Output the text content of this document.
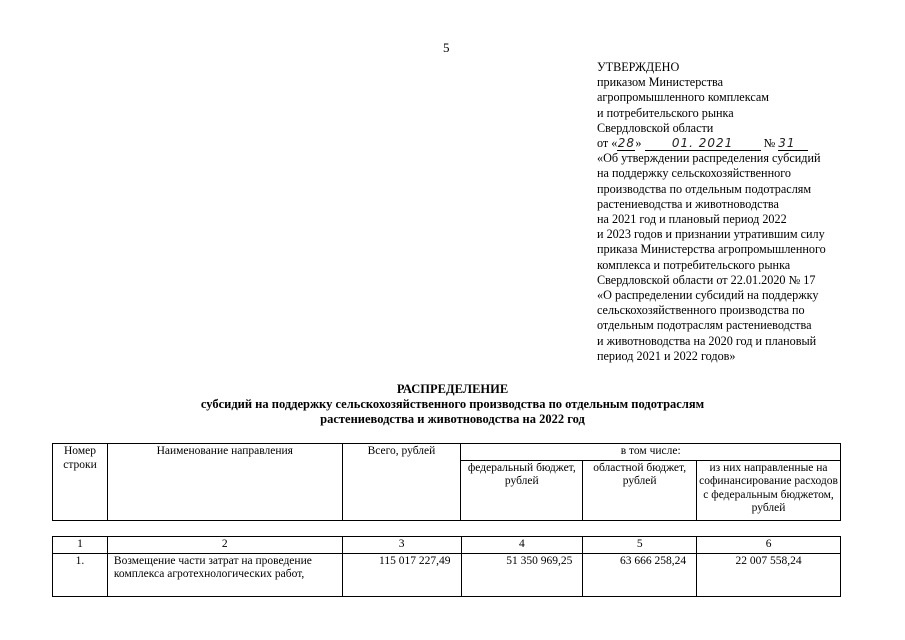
5
УТВЕРЖДЕНО
приказом Министерства
агропромышленного комплексам
и потребительского рынка
Свердловской области
от «28»	01. 2021 № 31
«Об утверждении распределения субсидий
на поддержку сельскохозяйственного
производства по отдельным подотраслям
растениеводства и животноводства
на 2021 год и плановый период 2022
и 2023 годов и признании утратившим силу
приказа Министерства агропромышленного
комплекса и потребительского рынка
Свердловской области от 22.01.2020 № 17
«О распределении субсидий на поддержку
сельскохозяйственного производства по
отдельным подотраслям растениеводства
и животноводства на 2020 год и плановый
период 2021 и 2022 годов»
РАСПРЕДЕЛЕНИЕ
субсидий на поддержку сельскохозяйственного производства по отдельным подотраслям
растениеводства и животноводства на 2022 год
Номер строки	Наименование направления	Всего, рублей	в том числе:		
			федеральный бюджет, рублей	областной бюджет, рублей	из них направленные на софинансирование расходов с федеральным бюджетом, рублей
1	2	3	4	5	6
1.	Возмещение части затрат на проведение комплекса агротехнологических работ,	115 017 227,49	51 350 969,25	63 666 258,24	22 007 558,24
